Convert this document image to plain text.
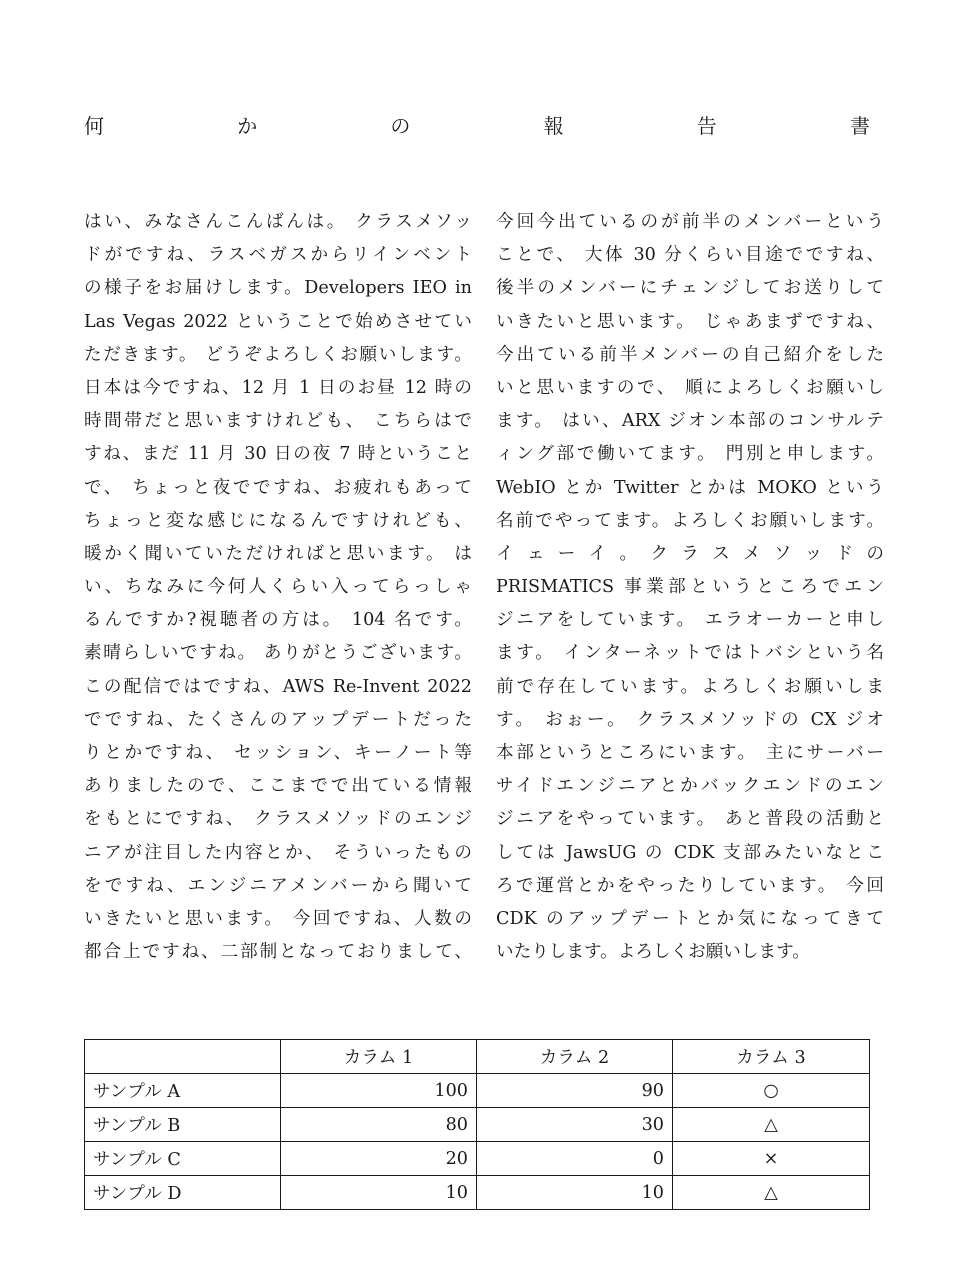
何	か	の	報	告	書
はい、みなさんこんばんは。 クラスメソッ
ドがですね、ラスベガスからリインベント
の様子をお届けします。Developers IEO in
Las Vegas 2022 ということで始めさせてい
ただきます。 どうぞよろしくお願いします。
日本は今ですね、12 月 1 日のお昼 12 時の
時間帯だと思いますけれども、 こちらはで
すね、まだ 11 月 30 日の夜 7 時ということ
で、 ちょっと夜でですね、お疲れもあって
ちょっと変な感じになるんですけれども、
暖かく聞いていただければと思います。 は
い、ちなみに今何人くらい入ってらっしゃ
るんですか?視聴者の方は。 104 名です。
素晴らしいですね。 ありがとうございます。
この配信ではですね、AWS Re-Invent 2022
でですね、たくさんのアップデートだった
りとかですね、 セッション、キーノート等
ありましたので、ここまでで出ている情報
をもとにですね、 クラスメソッドのエンジ
ニアが注目した内容とか、 そういったもの
をですね、エンジニアメンバーから聞いて
いきたいと思います。 今回ですね、人数の
都合上ですね、二部制となっておりまして、
今回今出ているのが前半のメンバーという
ことで、 大体 30 分くらい目途でですね、
後半のメンバーにチェンジしてお送りして
いきたいと思います。 じゃあまずですね、
今出ている前半メンバーの自己紹介をした
いと思いますので、 順によろしくお願いし
ます。 はい、ARX ジオン本部のコンサルテ
ィング部で働いてます。 門別と申します。
WebIO とか Twitter とかは MOKO という
名前でやってます。よろしくお願いします。
イ ェ ー イ 。 ク ラ ス メ ソ ッ ド の
PRISMATICS 事業部というところでエン
ジニアをしています。 エラオーカーと申し
ます。 インターネットではトバシという名
前で存在しています。よろしくお願いしま
す。 おぉー。 クラスメソッドの CX ジオ
本部というところにいます。 主にサーバー
サイドエンジニアとかバックエンドのエン
ジニアをやっています。 あと普段の活動と
しては JawsUG の CDK 支部みたいなとこ
ろで運営とかをやったりしています。 今回
CDK のアップデートとか気になってきて
いたりします。よろしくお願いします。
	カラム 1	カラム 2	カラム 3
サンプル A	100	90	○
サンプル B	80	30	△
サンプル C	20	0	×
サンプル D	10	10	△
